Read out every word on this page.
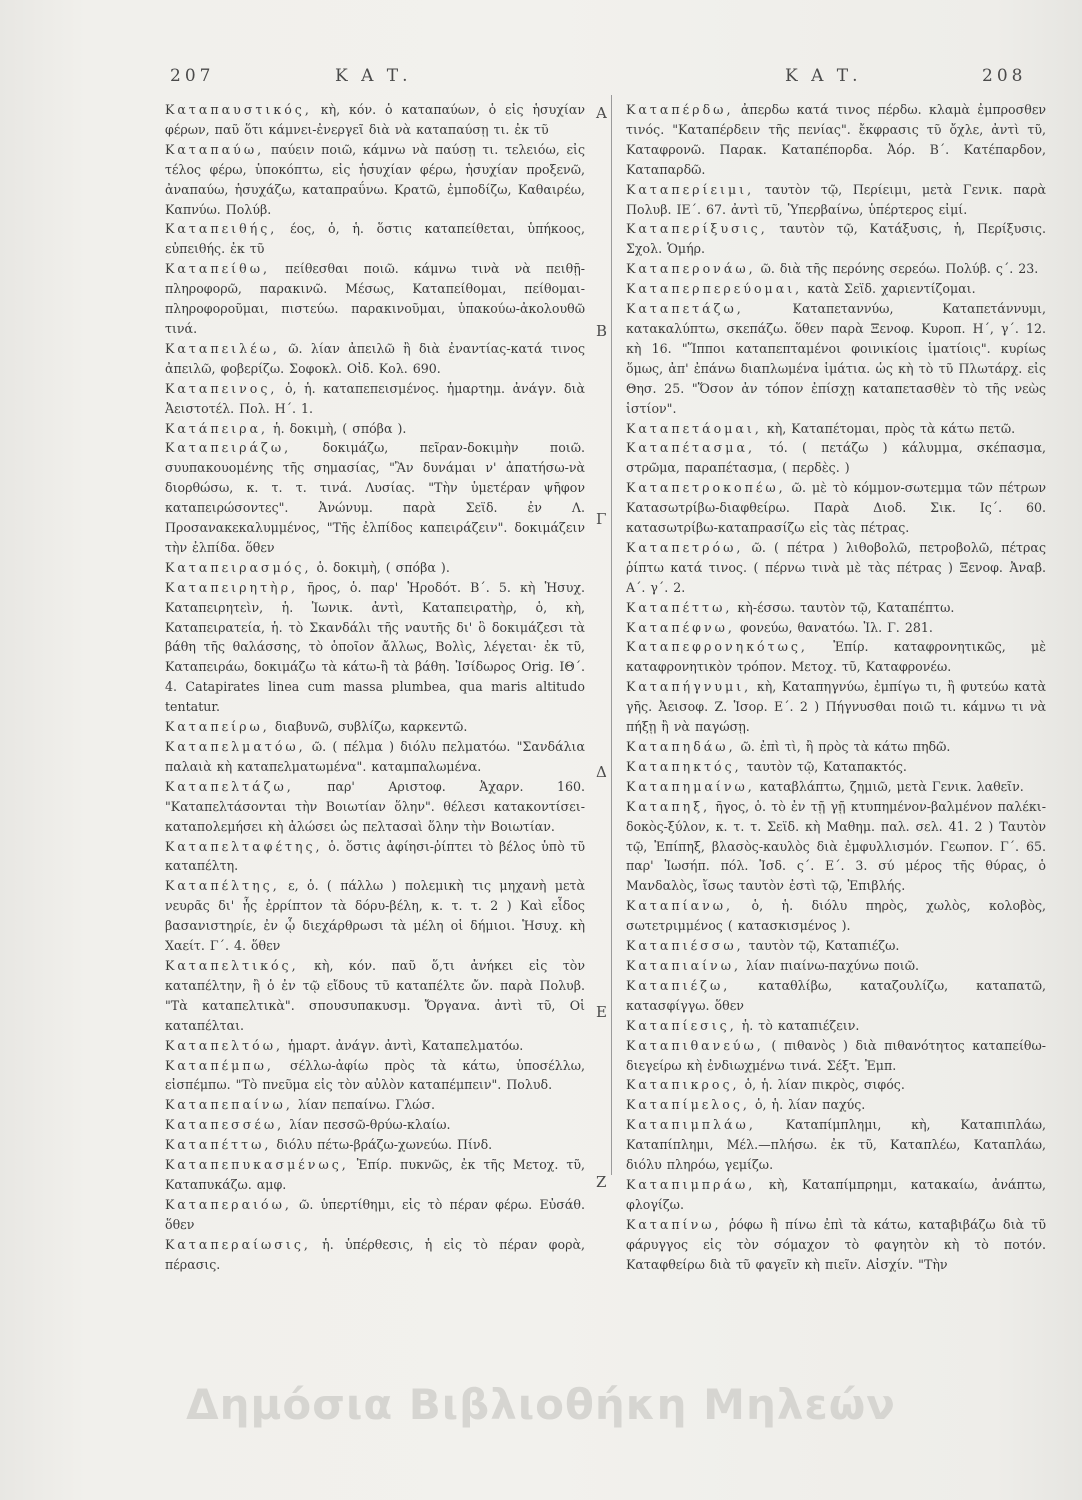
207	Κ Α Τ.	Κ Α Τ.	208

Καταπαυστικός, κὴ, κόν. ὁ καταπαύων, ὁ εἰς ἡσυχίαν φέρων, παῦ ὅτι κάμνει-ἐνεργεῖ διὰ νὰ καταπαύσῃ τι. ἐκ τῦ

Καταπαύω, παύειν ποιῶ, κάμνω νὰ παύσῃ τι. τελειόω, εἰς τέλος φέρω, ὑποκόπτω, εἰς ἡσυχίαν φέρω, ἡσυχίαν προξενῶ, ἀναπαύω, ἡσυχάζω, καταπραΰνω. Κρατῶ, ἐμποδίζω, Καθαιρέω, Καπνύω. Πολύβ.

Καταπειθής, έος, ὁ, ἡ. ὅστις καταπείθεται, ὑπήκοος, εὐπειθής. ἐκ τῦ

Καταπείθω, πείθεσθαι ποιῶ. κάμνω τινὰ νὰ πειθῇ-πληροφορῶ, παρακινῶ. Μέσως, Καταπείθομαι, πείθομαι-πληροφοροῦμαι, πιστεύω. παρακινοῦμαι, ὑπακούω-ἀκολουθῶ τινά.

Καταπειλέω, ῶ. λίαν ἀπειλῶ ἢ διὰ ἐναντίας-κατά τινος ἀπειλῶ, φοβερίζω. Σοφοκλ. Οἰδ. Κολ. 690.

Καταπεινος, ὁ, ἡ. καταπεπεισμένος. ἡμαρτημ. ἀνάγν. διὰ Ἀειστοτέλ. Πολ. Η΄. 1.

Κατάπειρα, ἡ. δοκιμὴ, ( σπόβα ).

Καταπειράζω, δοκιμάζω, πεῖραν-δοκιμὴν ποιῶ. συυπακουομένης τῆς σημασίας, "Ἂν δυνάμαι ν' ἀπατήσω-νὰ διορθώσω, κ. τ. τ. τινά. Λυσίας. "Τὴν ὑμετέραν ψῆφον καταπειρώσοντες". Ἀνώνυμ. παρὰ Σεϊδ. ἐν Λ. Προσανακεκαλυμμένος, "Τῆς ἐλπίδος καπειράζειν". δοκιμάζειν τὴν ἐλπίδα. ὅθεν

Καταπειρασμός, ὁ. δοκιμὴ, ( σπόβα ).

Καταπειρητὴρ, ῆρος, ὁ. παρ' Ἡροδότ. Β΄. 5. κὴ Ἡσυχ. Καταπειρητεὶν, ἡ. Ἰωνικ. ἀντὶ, Καταπειρατὴρ, ὁ, κὴ, Καταπειρατεία, ἡ. τὸ Σκανδάλι τῆς ναυτῆς δι' ὃ δοκιμάζεσι τὰ βάθη τῆς θαλάσσης, τὸ ὁποῖον ἄλλως, Βολὶς, λέγεται· ἐκ τῦ, Καταπειράω, δοκιμάζω τὰ κάτω-ἢ τὰ βάθη. Ἰσίδωρος Orig. ΙΘ΄. 4. Catapirates linea cum massa plumbea, qua maris altitudo tentatur.

Καταπείρω, διαβυνῶ, συβλίζω, καρκεντῶ.

Καταπελματόω, ῶ. ( πέλμα ) διόλυ πελματόω. "Σανδάλια παλαιὰ κὴ καταπελματωμένα". καταμπαλωμένα.

Καταπελτάζω, παρ' Αριστοφ. Ἀχαρν. 160. "Καταπελτάσονται τὴν Βοιωτίαν ὅλην". θέλεσι κατακοντίσει-καταπολεμήσει κὴ ἀλώσει ὡς πελτασαὶ ὅλην τὴν Βοιωτίαν.

Καταπελταφέτης, ὁ. ὅστις ἀφίησι-ῥίπτει τὸ βέλος ὑπὸ τῦ καταπέλτη.

Καταπέλτης, ε, ὁ. ( πάλλω ) πολεμικὴ τις μηχανὴ μετὰ νευρᾶς δι' ἧς ἐρρίπτον τὰ δόρυ-βέλη, κ. τ. τ. 2 ) Καὶ εἶδος βασανιστηρίε, ἐν ᾧ διεχάρθρωσι τὰ μέλη οἱ δήμιοι. Ἡσυχ. κὴ Χαείτ. Γ΄. 4. ὅθεν

Καταπελτικός, κὴ, κόν. παῦ ὅ,τι ἀνήκει εἰς τὸν καταπέλτην, ἢ ὁ ἐν τῷ εἴδους τῦ καταπέλτε ὤν. παρὰ Πολυβ. "Τὰ καταπελτικὰ". σπουσυπακυσμ. Ὄργανα. ἀντὶ τῦ, Οἱ καταπέλται.

Καταπελτόω, ἡμαρτ. ἀνάγν. ἀντὶ, Καταπελματόω.

Καταπέμπω, σέλλω-ἀφίω πρὸς τὰ κάτω, ὑποσέλλω, εἰσπέμπω. "Τὸ πνεῦμα εἰς τὸν αὐλὸν καταπέμπειν". Πολυδ.

Καταπεπαίνω, λίαν πεπαίνω. Γλώσ.

Καταπεσσέω, λίαν πεσσῶ-θρύω-κλαίω.

Καταπέττω, διόλυ πέτω-βράζω-χωνεύω. Πίνδ.

Καταπεπυκασμένως, Ἐπίρ. πυκνῶς, ἐκ τῆς Μετοχ. τῦ, Καταπυκάζω. αμφ.

Καταπεραιόω, ῶ. ὑπερτίθημι, εἰς τὸ πέραν φέρω. Εὐσάθ. ὅθεν

Καταπεραίωσις, ἡ. ὑπέρθεσις, ἡ εἰς τὸ πέραν φορὰ, πέρασις.

Καταπέρδω, ἀπερδω κατά τινος πέρδω. κλαμὰ ἐμπροσθεν τινός. "Καταπέρδειν τῆς πενίας". ἔκφρασις τῦ ὄχλε, ἀντὶ τῦ, Καταφρονῶ. Παρακ. Καταπέπορδα. Ἀόρ. Β΄. Κατέπαρδον, Καταπαρδῶ.

Καταπερίειμι, ταυτὸν τῷ, Περίειμι, μετὰ Γενικ. παρὰ Πολυβ. ΙΕ΄. 67. ἀντὶ τῦ, Ὑπερβαίνω, ὑπέρτερος εἰμί.

Καταπερίξυσις, ταυτὸν τῷ, Κατάξυσις, ἡ, Περίξυσις. Σχολ. Ὁμήρ.

Καταπερονάω, ῶ. διὰ τῆς περόνης σερεόω. Πολύβ. ς΄. 23.

Καταπερπερεύομαι, κατὰ Σεϊδ. χαριεντίζομαι.

Καταπετάζω, Καταπεταννύω, Καταπετάννυμι, κατακαλύπτω, σκεπάζω. ὅθεν παρὰ Ξενοφ. Κυροπ. Η΄, γ΄. 12. κὴ 16. "Ἵπποι καταπεπταμένοι φοινικίοις ἱματίοις". κυρίως ὅμως, ἀπ' ἐπάνω διαπλωμένα ἱμάτια. ὡς κὴ τὸ τῦ Πλωτάρχ. εἰς Θησ. 25. "Ὅσον ἀν τόπον ἐπίσχῃ καταπετασθὲν τὸ τῆς νεὼς ἱστίον".

Καταπετάομαι, κὴ, Καταπέτομαι, πρὸς τὰ κάτω πετῶ.

Καταπέτασμα, τό. ( πετάζω ) κάλυμμα, σκέπασμα, στρῶμα, παραπέτασμα, ( περδὲς. )

Καταπετροκοπέω, ῶ. μὲ τὸ κόμμον-σωτεμμα τῶν πέτρων Κατασωτρίβω-διαφθείρω. Παρὰ Διοδ. Σικ. Ις΄. 60. κατασωτρίβω-καταπρασίζω εἰς τὰς πέτρας.

Καταπετρόω, ῶ. ( πέτρα ) λιθοβολῶ, πετροβολῶ, πέτρας ῥίπτω κατά τινος. ( πέρνω τινὰ μὲ τὰς πέτρας ) Ξενοφ. Ἀναβ. Α΄. γ΄. 2.

Καταπέττω, κὴ-έσσω. ταυτὸν τῷ, Καταπέπτω.

Καταπέφνω, φονεύω, θανατόω. Ἰλ. Γ. 281.

Καταπεφρονηκότως, Ἐπίρ. καταφρονητικῶς, μὲ καταφρονητικὸν τρόπον. Μετοχ. τῦ, Καταφρονέω.

Καταπήγνυμι, κὴ, Καταπηγνύω, ἐμπίγω τι, ἢ φυτεύω κατὰ γῆς. Ἀεισοφ. Ζ. Ἱσορ. Ε΄. 2 ) Πήγνυσθαι ποιῶ τι. κάμνω τι νὰ πήξῃ ἢ νὰ παγώσῃ.

Καταπηδάω, ῶ. ἐπὶ τὶ, ἢ πρὸς τὰ κάτω πηδῶ.

Καταπηκτός, ταυτὸν τῷ, Καταπακτός.

Καταπημαίνω, καταβλάπτω, ζημιῶ, μετὰ Γενικ. λαθεῖν.

Καταπηξ, ῆγος, ὁ. τὸ ἐν τῇ γῇ κτυπημένον-βαλμένον παλέκι-δοκὸς-ξύλον, κ. τ. τ. Σεϊδ. κὴ Μαθημ. παλ. σελ. 41. 2 ) Ταυτὸν τῷ, Ἐπίπηξ, βλασὸς-καυλὸς διὰ ἐμφυλλισμόν. Γεωπον. Γ΄. 65. παρ' Ἰωσήπ. πόλ. Ἰσδ. ς΄. Ε΄. 3. σύ μέρος τῆς θύρας, ὁ Μανδαλὸς, ἴσως ταυτὸν ἐστὶ τῷ, Ἐπιβλής.

Καταπίανω, ὁ, ἡ. διόλυ πηρὸς, χωλὸς, κολοβὸς, σωτετριμμένος ( κατασκισμένος ).

Καταπιέσσω, ταυτὸν τῷ, Καταπιέζω.

Καταπιαίνω, λίαν πιαίνω-παχύνω ποιῶ.

Καταπιέζω, καταθλίβω, καταζουλίζω, καταπατῶ, κατασφίγγω. ὅθεν

Καταπίεσις, ἡ. τὸ καταπιέζειν.

Καταπιθανεύω, ( πιθανὸς ) διὰ πιθανότητος καταπείθω-διεγείρω κὴ ἐνδιωχμένω τινά. Σέξτ. Ἐμπ.

Καταπικρος, ὁ, ἡ. λίαν πικρὸς, σιφός.

Καταπίμελος, ὁ, ἡ. λίαν παχύς.

Καταπιμπλάω, Καταπίμπλημι, κὴ, Καταπιπλάω, Καταπίπλημι, Μέλ.—πλήσω. ἐκ τῦ, Καταπλέω, Καταπλάω, διόλυ πληρόω, γεμίζω.

Καταπιμπράω, κὴ, Καταπίμπρημι, κατακαίω, ἀνάπτω, φλογίζω.

Καταπίνω, ῥόφω ἢ πίνω ἐπὶ τὰ κάτω, καταβιβάζω διὰ τῦ φάρυγγος εἰς τὸν σόμαχον τὸ φαγητὸν κὴ τὸ ποτόν. Καταφθείρω διὰ τῦ φαγεῖν κὴ πιεῖν. Αἰσχίν. "Τὴν

Α
Β
Γ
Δ
Ε
Ζ
Δημόσια Βιβλιοθήκη Μηλεών
